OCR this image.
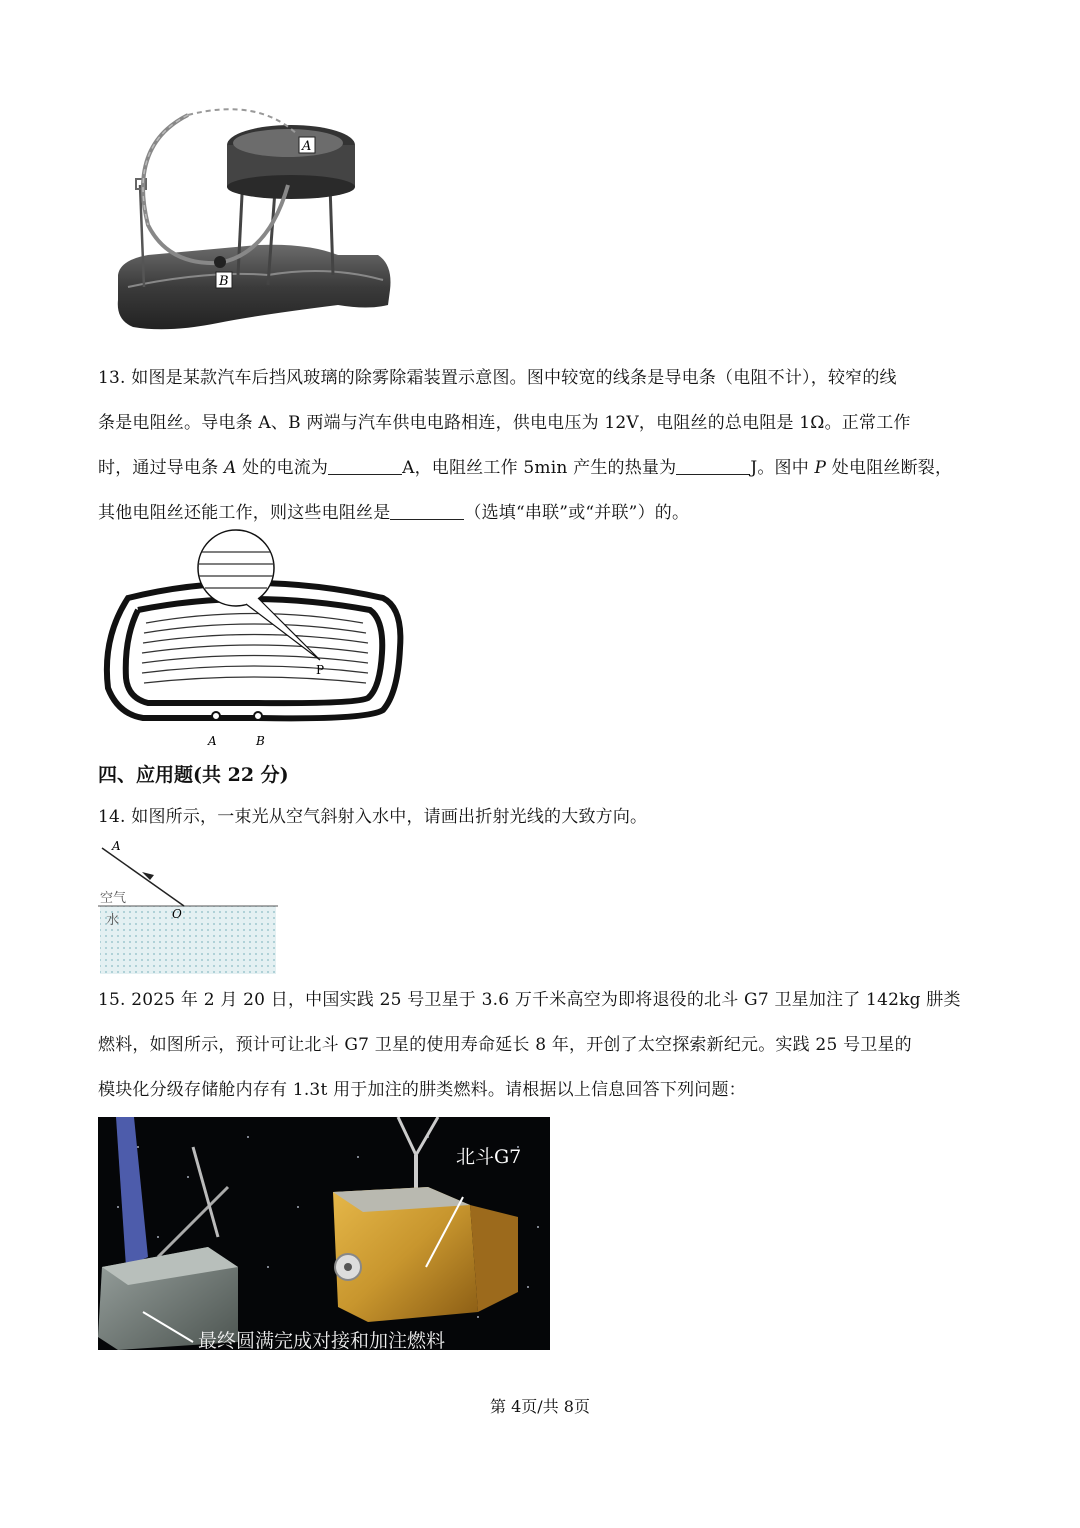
A
B
13. 如图是某款汽车后挡风玻璃的除雾除霜装置示意图。图中较宽的线条是导电条（电阻不计），较窄的线
条是电阻丝。导电条 A、B 两端与汽车供电电路相连，供电电压为 12V，电阻丝的总电阻是 1Ω。正常工作
时，通过导电条 A 处的电流为	A，电阻丝工作 5min 产生的热量为	J。图中 P 处电阻丝断裂，
其他电阻丝还能工作，则这些电阻丝是	（选填“串联”或“并联”）的。
P
A	B
四、应用题(共 22 分)
14. 如图所示，一束光从空气斜射入水中，请画出折射光线的大致方向。
A
O
空气
水
15. 2025 年 2 月 20 日，中国实践 25 号卫星于 3.6 万千米高空为即将退役的北斗 G7 卫星加注了 142kg 肼类
燃料，如图所示，预计可让北斗 G7 卫星的使用寿命延长 8 年，开创了太空探索新纪元。实践 25 号卫星的
模块化分级存储舱内存有 1.3t 用于加注的肼类燃料。请根据以上信息回答下列问题：
北斗G7
最终圆满完成对接和加注燃料
第 4页/共 8页
